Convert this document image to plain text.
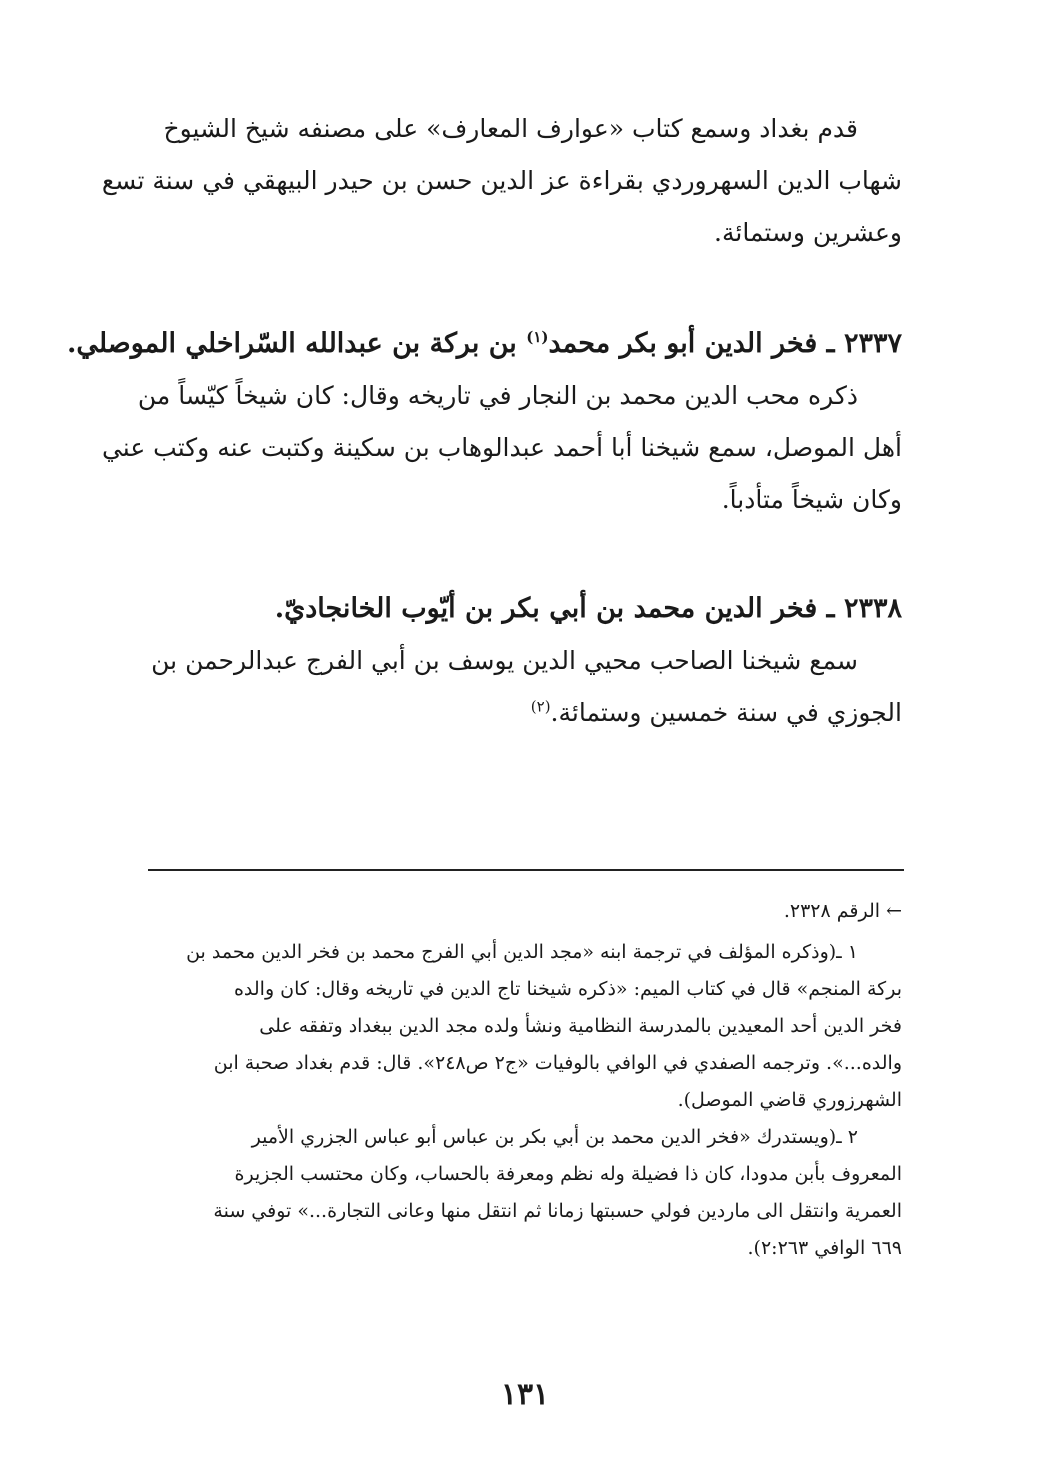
قدم بغداد وسمع كتاب «عوارف المعارف» على مصنفه شيخ الشيوخ
شهاب الدين السهروردي بقراءة عز الدين حسن بن حيدر البيهقي في سنة تسع
وعشرين وستمائة.
٢٣٣٧ ـ فخر الدين أبو بكر محمد$^{(١)}$ بن بركة بن عبدالله السّراخلي الموصلي.
ذكره محب الدين محمد بن النجار في تاريخه وقال: كان شيخاً كيّساً من
أهل الموصل، سمع شيخنا أبا أحمد عبدالوهاب بن سكينة وكتبت عنه وكتب عني
وكان شيخاً متأدباً.
٢٣٣٨ ـ فخر الدين محمد بن أبي بكر بن أيّوب الخانجاديّ.
سمع شيخنا الصاحب محيي الدين يوسف بن أبي الفرج عبدالرحمن بن
الجوزي في سنة خمسين وستمائة.$^{(٢)}$
← الرقم ٢٣٢٨.
١ ـ(وذكره المؤلف في ترجمة ابنه «مجد الدين أبي الفرج محمد بن فخر الدين محمد بن
بركة المنجم» قال في كتاب الميم: «ذكره شيخنا تاج الدين في تاريخه وقال: كان والده
فخر الدين أحد المعيدين بالمدرسة النظامية ونشأ ولده مجد الدين ببغداد وتفقه على
والده...». وترجمه الصفدي في الوافي بالوفيات «ج٢ ص٢٤٨». قال: قدم بغداد صحبة ابن
الشهرزوري قاضي الموصل).
٢ ـ(ويستدرك «فخر الدين محمد بن أبي بكر بن عباس أبو عباس الجزري الأمير
المعروف بأبن مدودا، كان ذا فضيلة وله نظم ومعرفة بالحساب، وكان محتسب الجزيرة
العمرية وانتقل الى ماردين فولي حسبتها زمانا ثم انتقل منها وعانى التجارة...» توفي سنة
٦٦٩ الوافي ٢:٢٦٣).
١٣١
